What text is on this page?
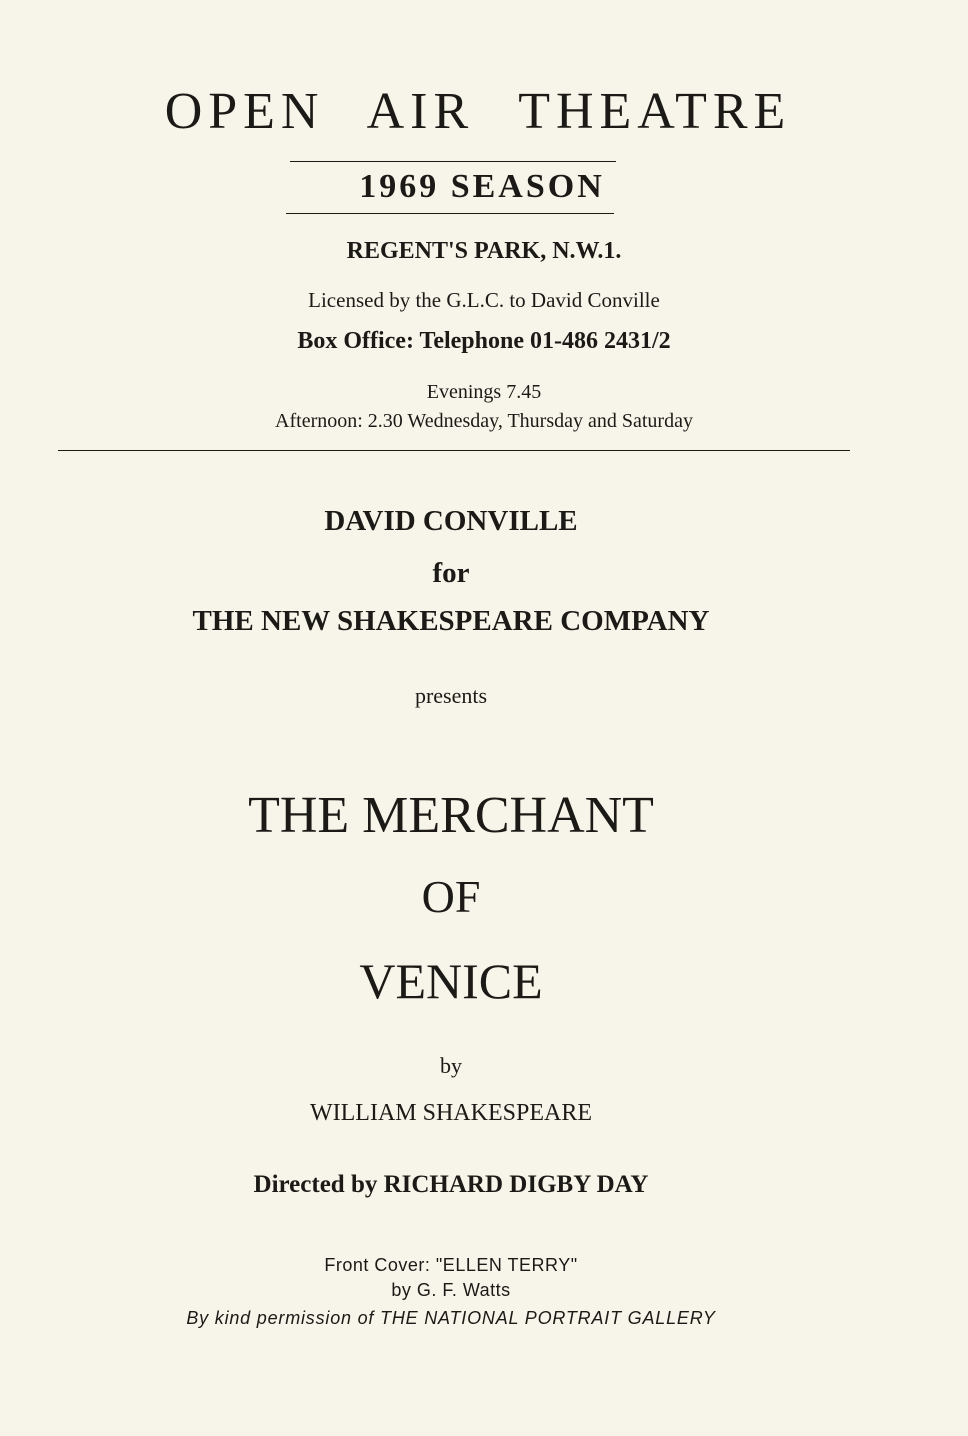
OPEN AIR THEATRE
1969 SEASON
REGENT'S PARK, N.W.1.
Licensed by the G.L.C. to David Conville
Box Office: Telephone 01-486 2431/2
Evenings 7.45
Afternoon: 2.30 Wednesday, Thursday and Saturday
DAVID CONVILLE
for
THE NEW SHAKESPEARE COMPANY
presents
THE MERCHANT
OF
VENICE
by
WILLIAM SHAKESPEARE
Directed by RICHARD DIGBY DAY
Front Cover: "ELLEN TERRY"
by G. F. Watts
By kind permission of THE NATIONAL PORTRAIT GALLERY
